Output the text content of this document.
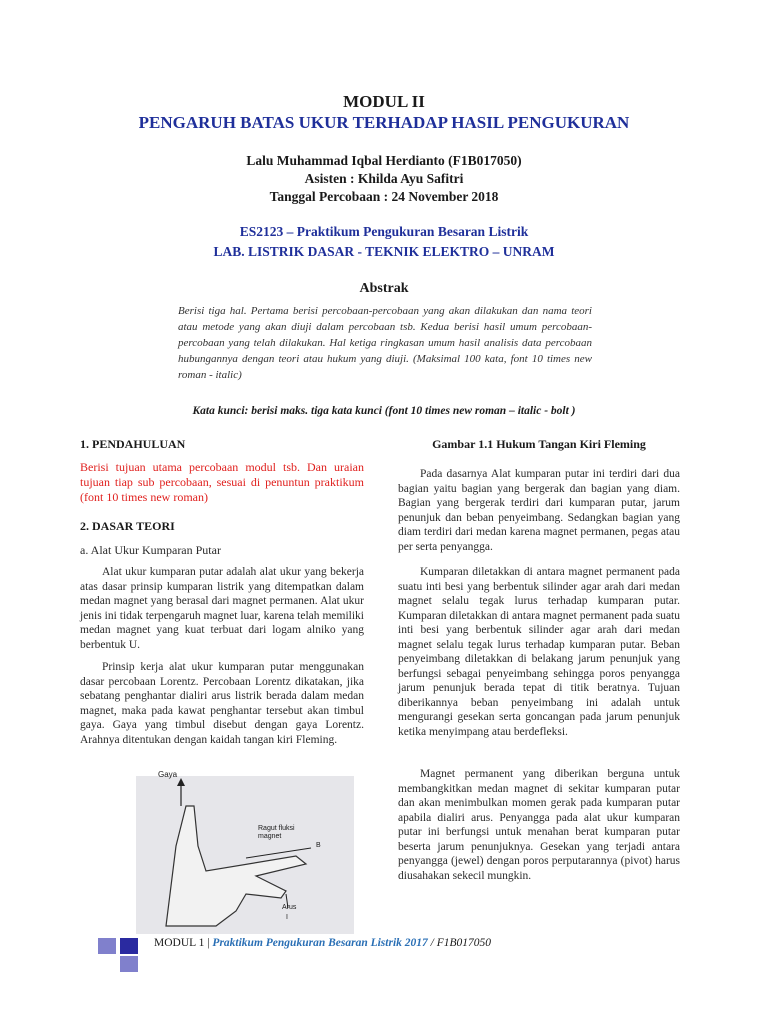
MODUL II
PENGARUH BATAS UKUR TERHADAP HASIL PENGUKURAN
Lalu Muhammad Iqbal Herdianto (F1B017050)
Asisten : Khilda Ayu Safitri
Tanggal Percobaan : 24 November 2018
ES2123 – Praktikum Pengukuran Besaran Listrik
LAB. LISTRIK DASAR - TEKNIK ELEKTRO – UNRAM
Abstrak
Berisi tiga hal. Pertama berisi percobaan-percobaan yang akan dilakukan dan nama teori atau metode yang akan diuji dalam percobaan tsb. Kedua berisi hasil umum percobaan-percobaan yang telah dilakukan. Hal ketiga ringkasan umum hasil analisis data percobaan hubungannya dengan teori atau hukum yang diuji. (Maksimal 100 kata, font 10 times new roman - italic)
Kata kunci: berisi maks. tiga kata kunci (font 10 times new roman – italic - bolt )
1. PENDAHULUAN
Berisi tujuan utama percobaan modul tsb. Dan uraian tujuan tiap sub percobaan, sesuai di penuntun praktikum (font 10 times new roman)
2. DASAR TEORI
a. Alat Ukur Kumparan Putar
Alat ukur kumparan putar adalah alat ukur yang bekerja atas dasar prinsip kumparan listrik yang ditempatkan dalam medan magnet yang berasal dari magnet permanen. Alat ukur jenis ini tidak terpengaruh magnet luar, karena telah memiliki medan magnet yang kuat terbuat dari logam alniko yang berbentuk U.
Prinsip kerja alat ukur kumparan putar menggunakan dasar percobaan Lorentz. Percobaan Lorentz dikatakan, jika sebatang penghantar dialiri arus listrik berada dalam medan magnet, maka pada kawat penghantar tersebut akan timbul gaya. Gaya yang timbul disebut dengan gaya Lorentz. Arahnya ditentukan dengan kaidah tangan kiri Fleming.
Gaya
Ragut fluksi magnet
B
Arus
I
Gambar 1.1 Hukum Tangan Kiri Fleming
Pada dasarnya Alat kumparan putar ini terdiri dari dua bagian yaitu bagian yang bergerak dan bagian yang diam. Bagian yang bergerak terdiri dari kumparan putar, jarum penunjuk dan beban penyeimbang. Sedangkan bagian yang diam terdiri dari medan karena magnet permanen, pegas atau per serta penyangga.
Kumparan diletakkan di antara magnet permanent pada suatu inti besi yang berbentuk silinder agar arah dari medan magnet selalu tegak lurus terhadap kumparan putar. Kumparan diletakkan di antara magnet permanent pada suatu inti besi yang berbentuk silinder agar arah dari medan magnet selalu tegak lurus terhadap kumparan putar. Beban penyeimbang diletakkan di belakang jarum penunjuk yang berfungsi sebagai penyeimbang sehingga poros penyangga jarum penunjuk berada tepat di titik beratnya. Tujuan diberikannya beban penyeimbang ini adalah untuk mengurangi gesekan serta goncangan pada jarum penunjuk ketika menyimpang atau berdefleksi.
Magnet permanent yang diberikan berguna untuk membangkitkan medan magnet di sekitar kumparan putar dan akan menimbulkan momen gerak pada kumparan putar apabila dialiri arus. Penyangga pada alat ukur kumparan putar ini berfungsi untuk menahan berat kumparan putar beserta jarum penunjuknya. Gesekan yang terjadi antara penyangga (jewel) dengan poros perputarannya (pivot) harus diusahakan sekecil mungkin.
MODUL 1 | Praktikum Pengukuran Besaran Listrik 2017 / F1B017050
